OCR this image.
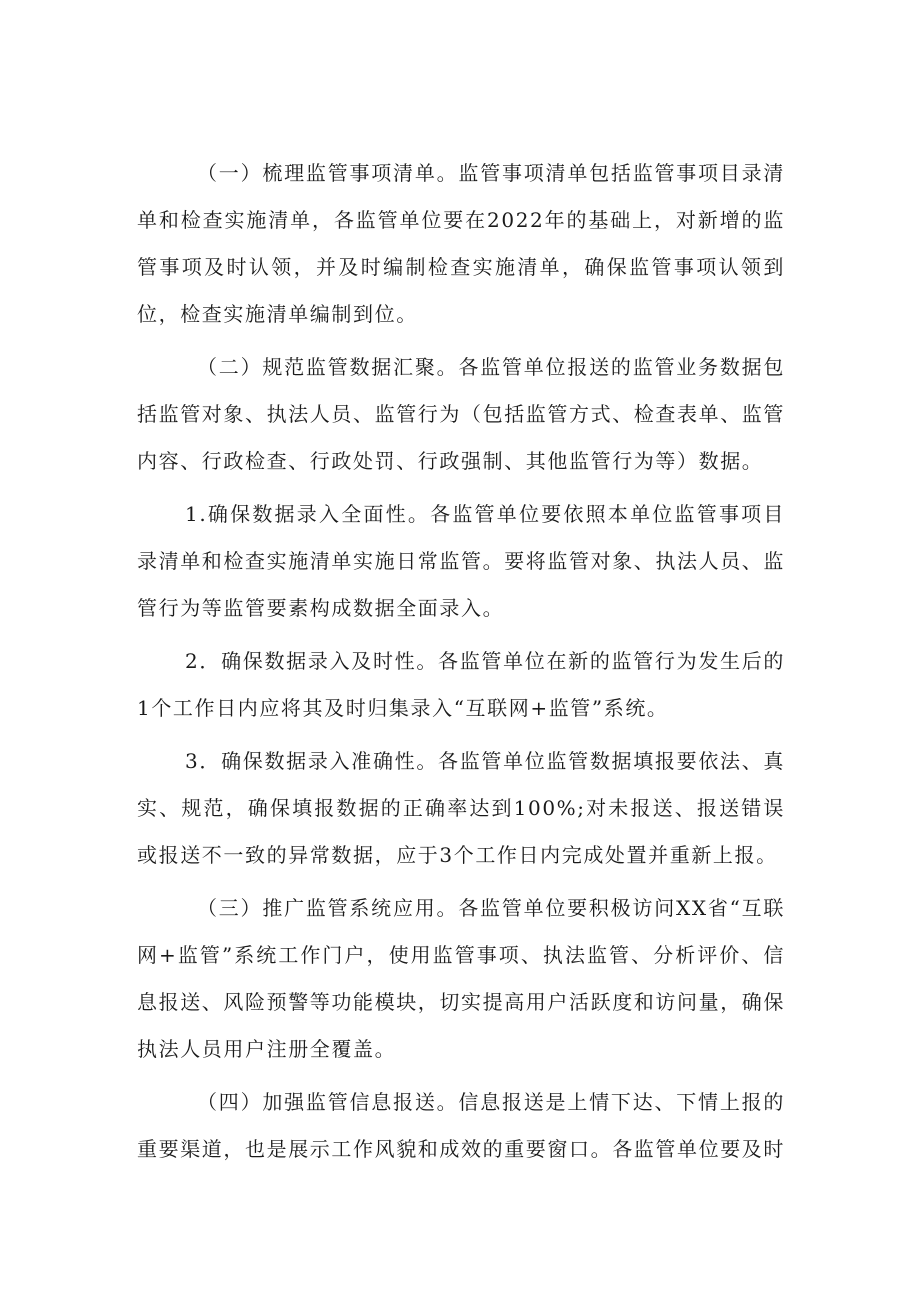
（一）梳理监管事项清单。监管事项清单包括监管事项目录清单和检查实施清单，各监管单位要在2022年的基础上，对新增的监管事项及时认领，并及时编制检查实施清单，确保监管事项认领到位，检查实施清单编制到位。

（二）规范监管数据汇聚。各监管单位报送的监管业务数据包括监管对象、执法人员、监管行为（包括监管方式、检查表单、监管内容、行政检查、行政处罚、行政强制、其他监管行为等）数据。

1.确保数据录入全面性。各监管单位要依照本单位监管事项目录清单和检查实施清单实施日常监管。要将监管对象、执法人员、监管行为等监管要素构成数据全面录入。

2．确保数据录入及时性。各监管单位在新的监管行为发生后的1个工作日内应将其及时归集录入“互联网+监管”系统。

3．确保数据录入准确性。各监管单位监管数据填报要依法、真实、规范，确保填报数据的正确率达到100%;对未报送、报送错误或报送不一致的异常数据，应于3个工作日内完成处置并重新上报。

（三）推广监管系统应用。各监管单位要积极访问XX省“互联网+监管”系统工作门户，使用监管事项、执法监管、分析评价、信息报送、风险预警等功能模块，切实提高用户活跃度和访问量，确保执法人员用户注册全覆盖。

（四）加强监管信息报送。信息报送是上情下达、下情上报的重要渠道，也是展示工作风貌和成效的重要窗口。各监管单位要及时
